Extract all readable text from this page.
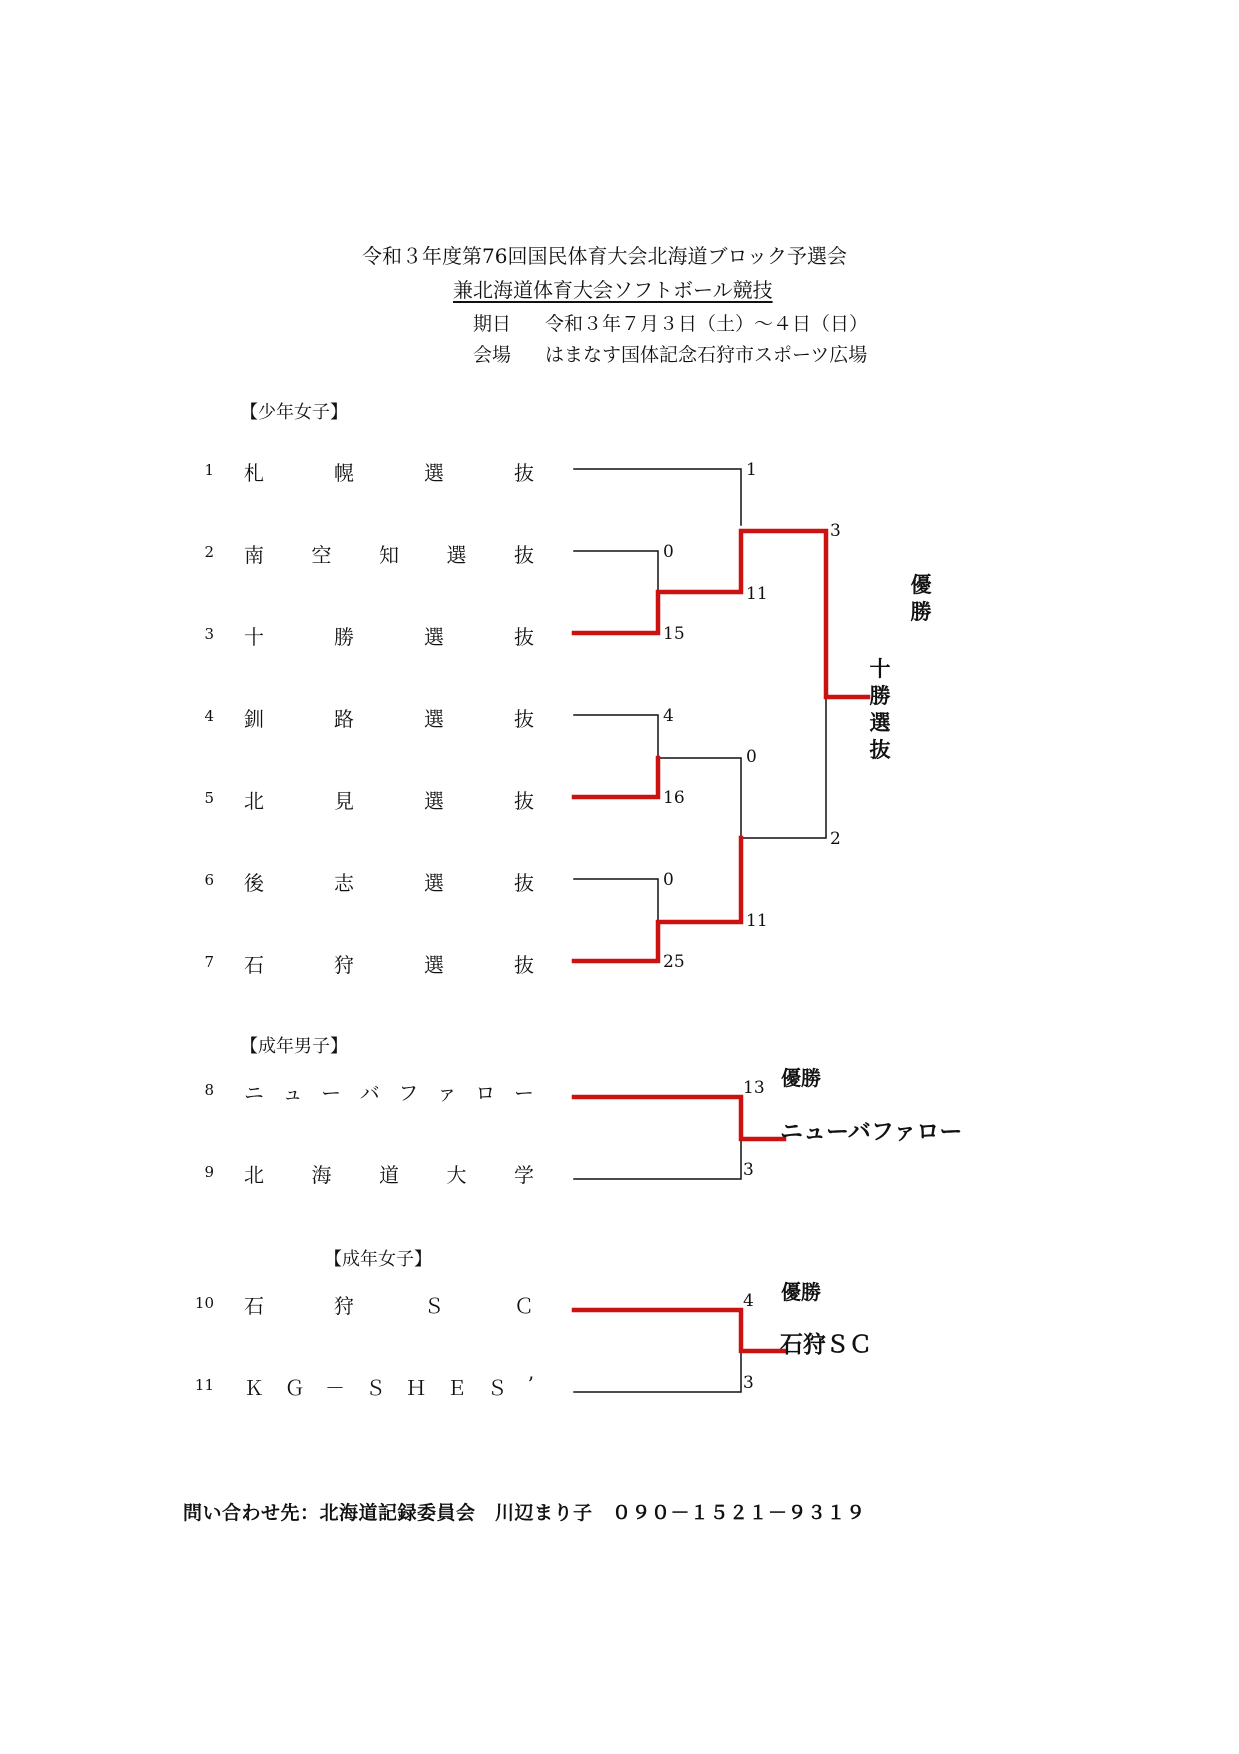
令和３年度第76回国民体育大会北海道ブロック予選会
兼北海道体育大会ソフトボール競技
期日 令和３年７月３日（土）～４日（日）
会場 はまなす国体記念石狩市スポーツ広場
【少年女子】
【成年男子】
【成年女子】
1 札	幌	選	抜
2 南 空 知 選 抜
3 十	勝	選	抜
4 釧	路	選	抜
5 北	見	選	抜
6 後	志	選	抜
7 石	狩	選	抜
8 ニ ュ ー バ フ ァ ロ ー
9 北 海 道 大 学
10 石	狩	Ｓ	Ｃ
11 Ｋ Ｇ － Ｓ Ｈ Ｅ Ｓ ’
1
0
15
11
3
4
0
16
2
0
11
25
優
勝
十
勝
選
抜
13
3
優勝
ニューバファロー
4
3
優勝
石狩ＳＣ
問い合わせ先：北海道記録委員会　川辺まり子　０９０－１５２１－９３１９
